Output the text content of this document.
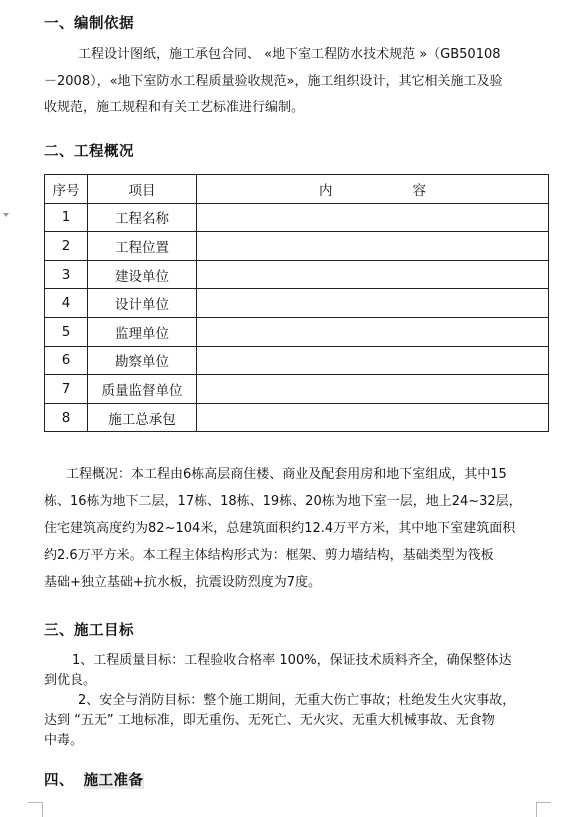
一、编制依据
工程设计图纸，施工承包合同、 «地下室工程防水技术规范 »（GB50108
－2008），«地下室防水工程质量验收规范»，施工组织设计，其它相关施工及验
收规范，施工规程和有关工艺标准进行编制。
二、工程概况
序号	项目	内 容
1	工程名称	
2	工程位置	
3	建设单位	
4	设计单位	
5	监理单位	
6	勘察单位	
7	质量监督单位	
8	施工总承包	
工程概况：本工程由6栋高层商住楼、商业及配套用房和地下室组成，其中15
栋、16栋为地下二层，17栋、18栋、19栋、20栋为地下室一层，地上24~32层，
住宅建筑高度约为82~104米，总建筑面积约12.4万平方米，其中地下室建筑面积
约2.6万平方米。本工程主体结构形式为：框架、剪力墙结构，基础类型为筏板
基础+独立基础+抗水板，抗震设防烈度为7度。
三、施工目标
1、工程质量目标：工程验收合格率 100%，保证技术质料齐全，确保整体达
到优良。
2、安全与消防目标：整个施工期间，无重大伤亡事故；杜绝发生火灾事故，
达到 “五无” 工地标准，即无重伤、无死亡、无火灾、无重大机械事故、无食物
中毒。
四、 施工准备
